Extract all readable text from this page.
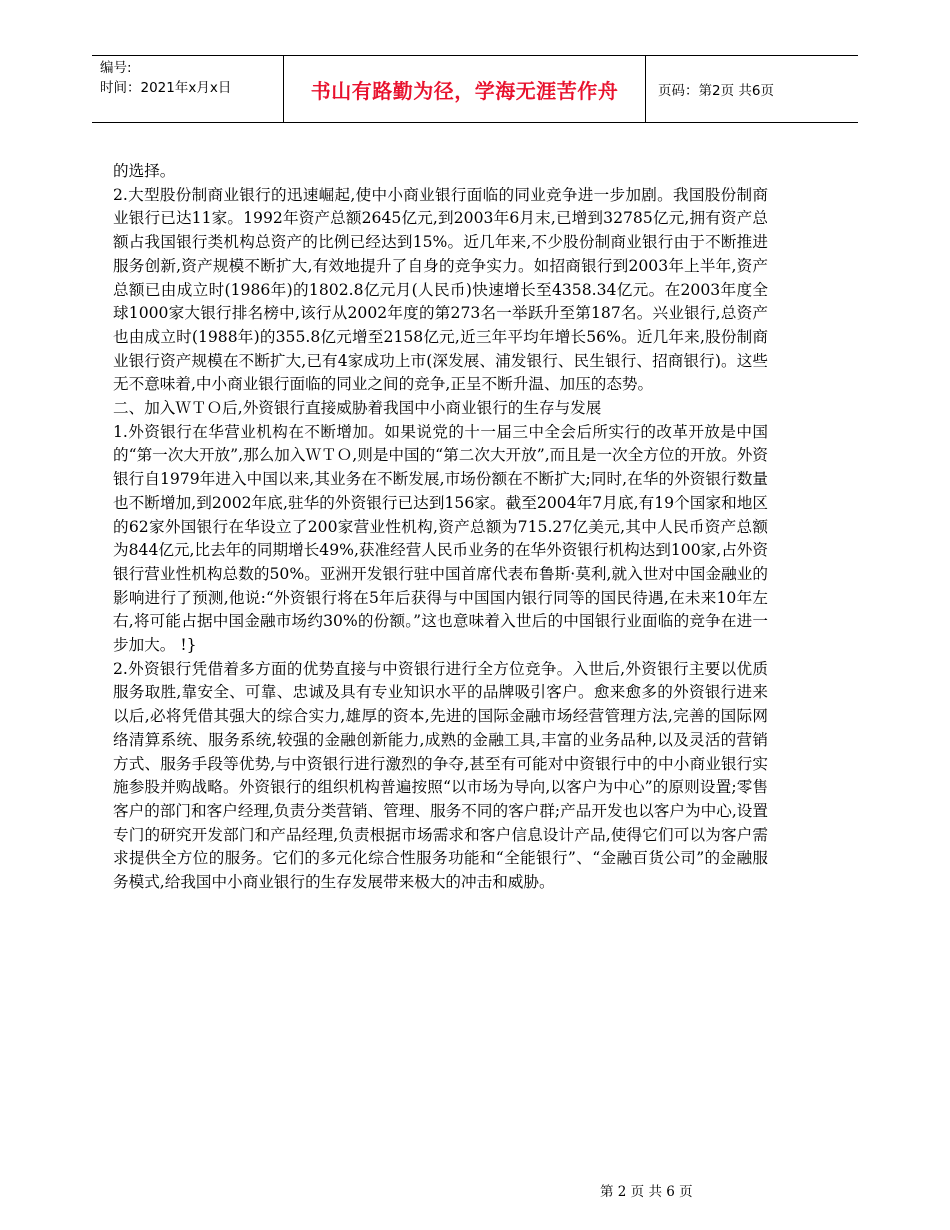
编号:
时间：2021年x月x日	书山有路勤为径，学海无涯苦作舟	页码：第2页 共6页

的选择。

2.大型股份制商业银行的迅速崛起,使中小商业银行面临的同业竞争进一步加剧。我国股份制商业银行已达11家。1992年资产总额2645亿元,到2003年6月末,已增到32785亿元,拥有资产总额占我国银行类机构总资产的比例已经达到15%。近几年来,不少股份制商业银行由于不断推进服务创新,资产规模不断扩大,有效地提升了自身的竞争实力。如招商银行到2003年上半年,资产总额已由成立时(1986年)的1802.8亿元月(人民币)快速增长至4358.34亿元。在2003年度全球1000家大银行排名榜中,该行从2002年度的第273名一举跃升至第187名。兴业银行,总资产也由成立时(1988年)的355.8亿元增至2158亿元,近三年平均年增长56%。近几年来,股份制商业银行资产规模在不断扩大,已有4家成功上市(深发展、浦发银行、民生银行、招商银行)。这些无不意味着,中小商业银行面临的同业之间的竞争,正呈不断升温、加压的态势。

二、加入ＷＴＯ后,外资银行直接威胁着我国中小商业银行的生存与发展

1.外资银行在华营业机构在不断增加。如果说党的十一届三中全会后所实行的改革开放是中国的“第一次大开放”,那么加入ＷＴＯ,则是中国的“第二次大开放”,而且是一次全方位的开放。外资银行自1979年进入中国以来,其业务在不断发展,市场份额在不断扩大;同时,在华的外资银行数量也不断增加,到2002年底,驻华的外资银行已达到156家。截至2004年7月底,有19个国家和地区的62家外国银行在华设立了200家营业性机构,资产总额为715.27亿美元,其中人民币资产总额为844亿元,比去年的同期增长49%,获准经营人民币业务的在华外资银行机构达到100家,占外资银行营业性机构总数的50%。亚洲开发银行驻中国首席代表布鲁斯·莫利,就入世对中国金融业的影响进行了预测,他说:“外资银行将在5年后获得与中国国内银行同等的国民待遇,在未来10年左右,将可能占据中国金融市场约30%的份额。”这也意味着入世后的中国银行业面临的竞争在进一步加大。 !}

2.外资银行凭借着多方面的优势直接与中资银行进行全方位竞争。入世后,外资银行主要以优质服务取胜,靠安全、可靠、忠诚及具有专业知识水平的品牌吸引客户。愈来愈多的外资银行进来以后,必将凭借其强大的综合实力,雄厚的资本,先进的国际金融市场经营管理方法,完善的国际网络清算系统、服务系统,较强的金融创新能力,成熟的金融工具,丰富的业务品种,以及灵活的营销方式、服务手段等优势,与中资银行进行激烈的争夺,甚至有可能对中资银行中的中小商业银行实施参股并购战略。外资银行的组织机构普遍按照“以市场为导向,以客户为中心”的原则设置;零售客户的部门和客户经理,负责分类营销、管理、服务不同的客户群;产品开发也以客户为中心,设置专门的研究开发部门和产品经理,负责根据市场需求和客户信息设计产品,使得它们可以为客户需求提供全方位的服务。它们的多元化综合性服务功能和“全能银行”、“金融百货公司”的金融服务模式,给我国中小商业银行的生存发展带来极大的冲击和威胁。

第 2 页 共 6 页
